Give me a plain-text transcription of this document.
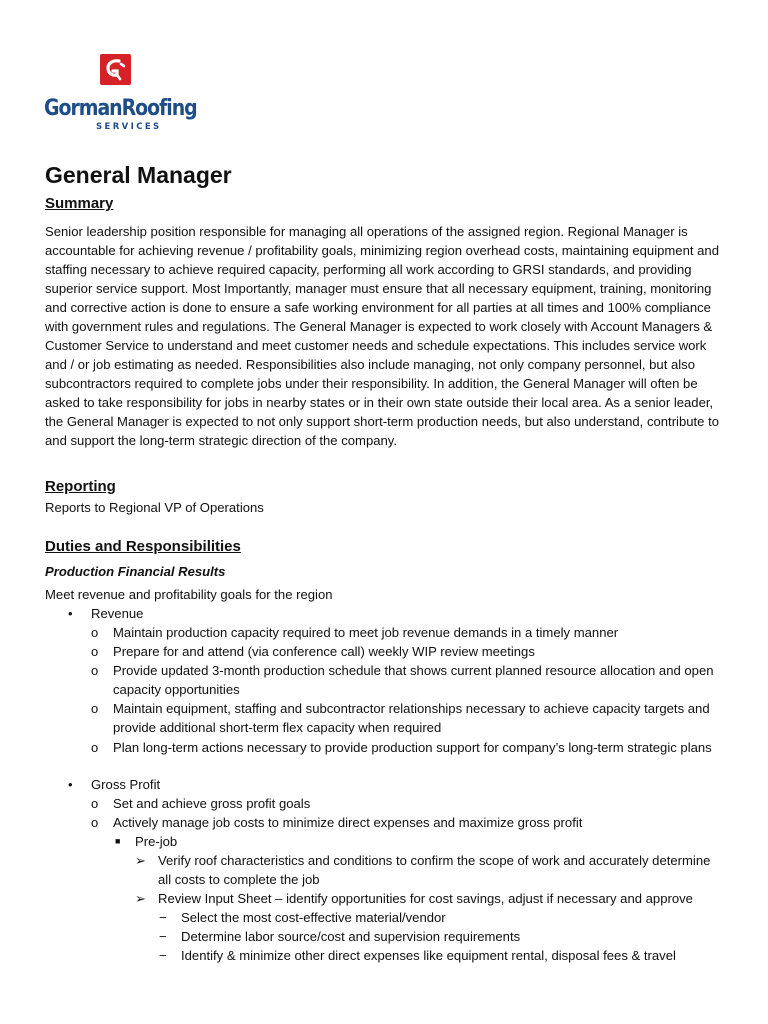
GormanRoofing
SERVICES
General Manager
Summary

Senior leadership position responsible for managing all operations of the assigned region. Regional Manager is accountable for achieving revenue / profitability goals, minimizing region overhead costs, maintaining equipment and staffing necessary to achieve required capacity, performing all work according to GRSI standards, and providing superior service support. Most Importantly, manager must ensure that all necessary equipment, training, monitoring and corrective action is done to ensure a safe working environment for all parties at all times and 100% compliance with government rules and regulations. The General Manager is expected to work closely with Account Managers & Customer Service to understand and meet customer needs and schedule expectations. This includes service work and / or job estimating as needed. Responsibilities also include managing, not only company personnel, but also subcontractors required to complete jobs under their responsibility. In addition, the General Manager will often be asked to take responsibility for jobs in nearby states or in their own state outside their local area. As a senior leader, the General Manager is expected to not only support short-term production needs, but also understand, contribute to and support the long-term strategic direction of the company.

Reporting

Reports to Regional VP of Operations

Duties and Responsibilities
Production Financial Results
Meet revenue and profitability goals for the region
• Revenue
o Maintain production capacity required to meet job revenue demands in a timely manner
o Prepare for and attend (via conference call) weekly WIP review meetings
o Provide updated 3-month production schedule that shows current planned resource allocation and open capacity opportunities
o Maintain equipment, staffing and subcontractor relationships necessary to achieve capacity targets and provide additional short-term flex capacity when required
o Plan long-term actions necessary to provide production support for company’s long-term strategic plans
• Gross Profit
o Set and achieve gross profit goals
o Actively manage job costs to minimize direct expenses and maximize gross profit
■ Pre-job
➢ Verify roof characteristics and conditions to confirm the scope of work and accurately determine all costs to complete the job
➢ Review Input Sheet – identify opportunities for cost savings, adjust if necessary and approve
− Select the most cost-effective material/vendor
− Determine labor source/cost and supervision requirements
− Identify & minimize other direct expenses like equipment rental, disposal fees & travel
